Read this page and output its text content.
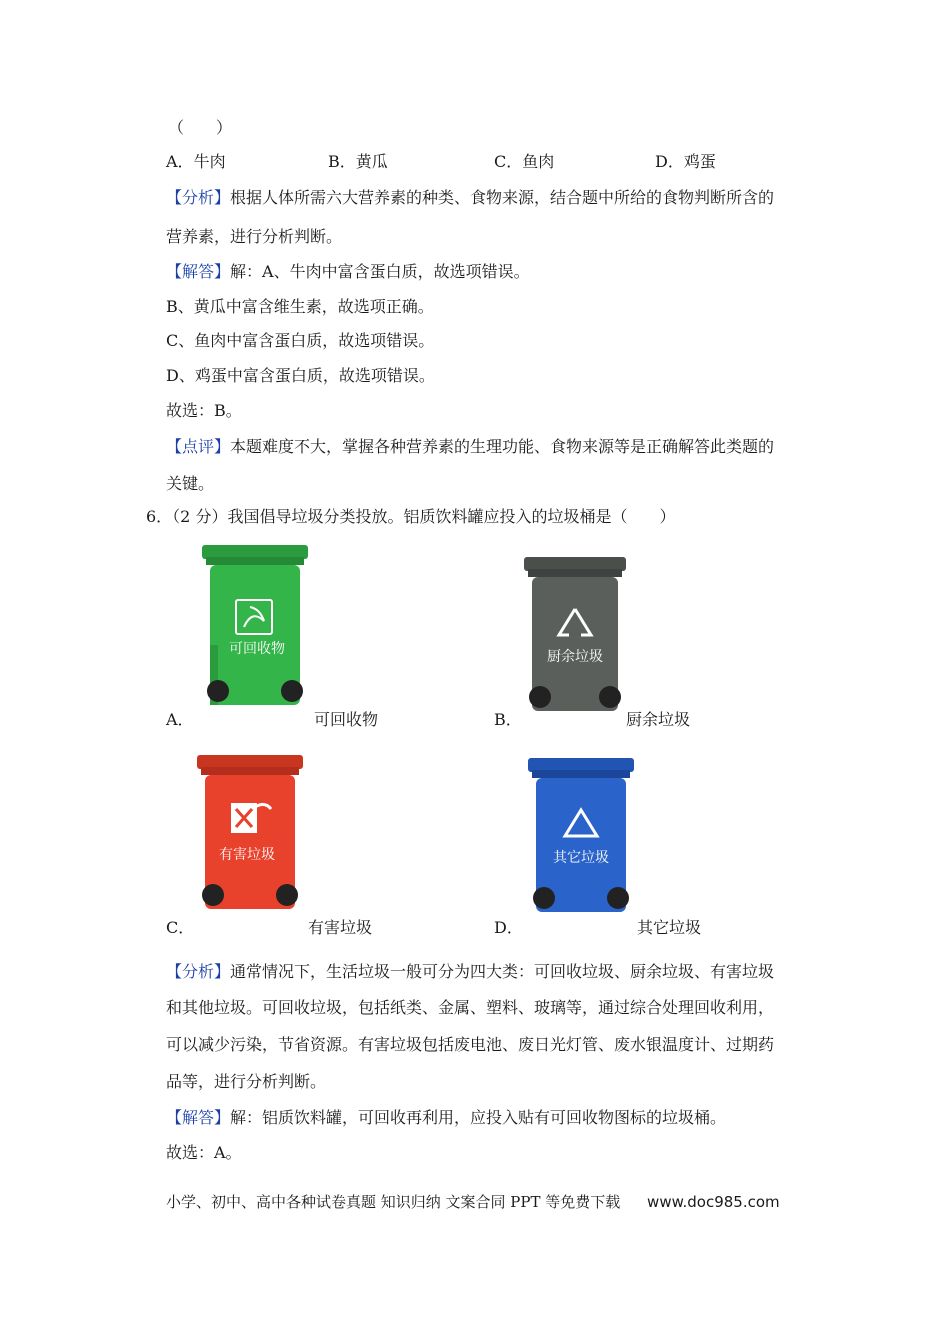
（　　）
A．牛肉	B．黄瓜	C．鱼肉	D．鸡蛋
【分析】根据人体所需六大营养素的种类、食物来源，结合题中所给的食物判断所含的
营养素，进行分析判断。
【解答】解：A、牛肉中富含蛋白质，故选项错误。
B、黄瓜中富含维生素，故选项正确。
C、鱼肉中富含蛋白质，故选项错误。
D、鸡蛋中富含蛋白质，故选项错误。
故选：B。
【点评】本题难度不大，掌握各种营养素的生理功能、食物来源等是正确解答此类题的
关键。
6．（2 分）我国倡导垃圾分类投放。铝质饮料罐应投入的垃圾桶是（　　）
可回收物	厨余垃圾
有害垃圾	其它垃圾
A．	可回收物	B．	厨余垃圾
C．	有害垃圾	D．	其它垃圾
【分析】通常情况下，生活垃圾一般可分为四大类：可回收垃圾、厨余垃圾、有害垃圾
和其他垃圾。可回收垃圾，包括纸类、金属、塑料、玻璃等，通过综合处理回收利用，
可以减少污染，节省资源。有害垃圾包括废电池、废日光灯管、废水银温度计、过期药
品等，进行分析判断。
【解答】解：铝质饮料罐，可回收再利用，应投入贴有可回收物图标的垃圾桶。
故选：A。
小学、初中、高中各种试卷真题 知识归纳 文案合同 PPT 等免费下载 www.doc985.com
